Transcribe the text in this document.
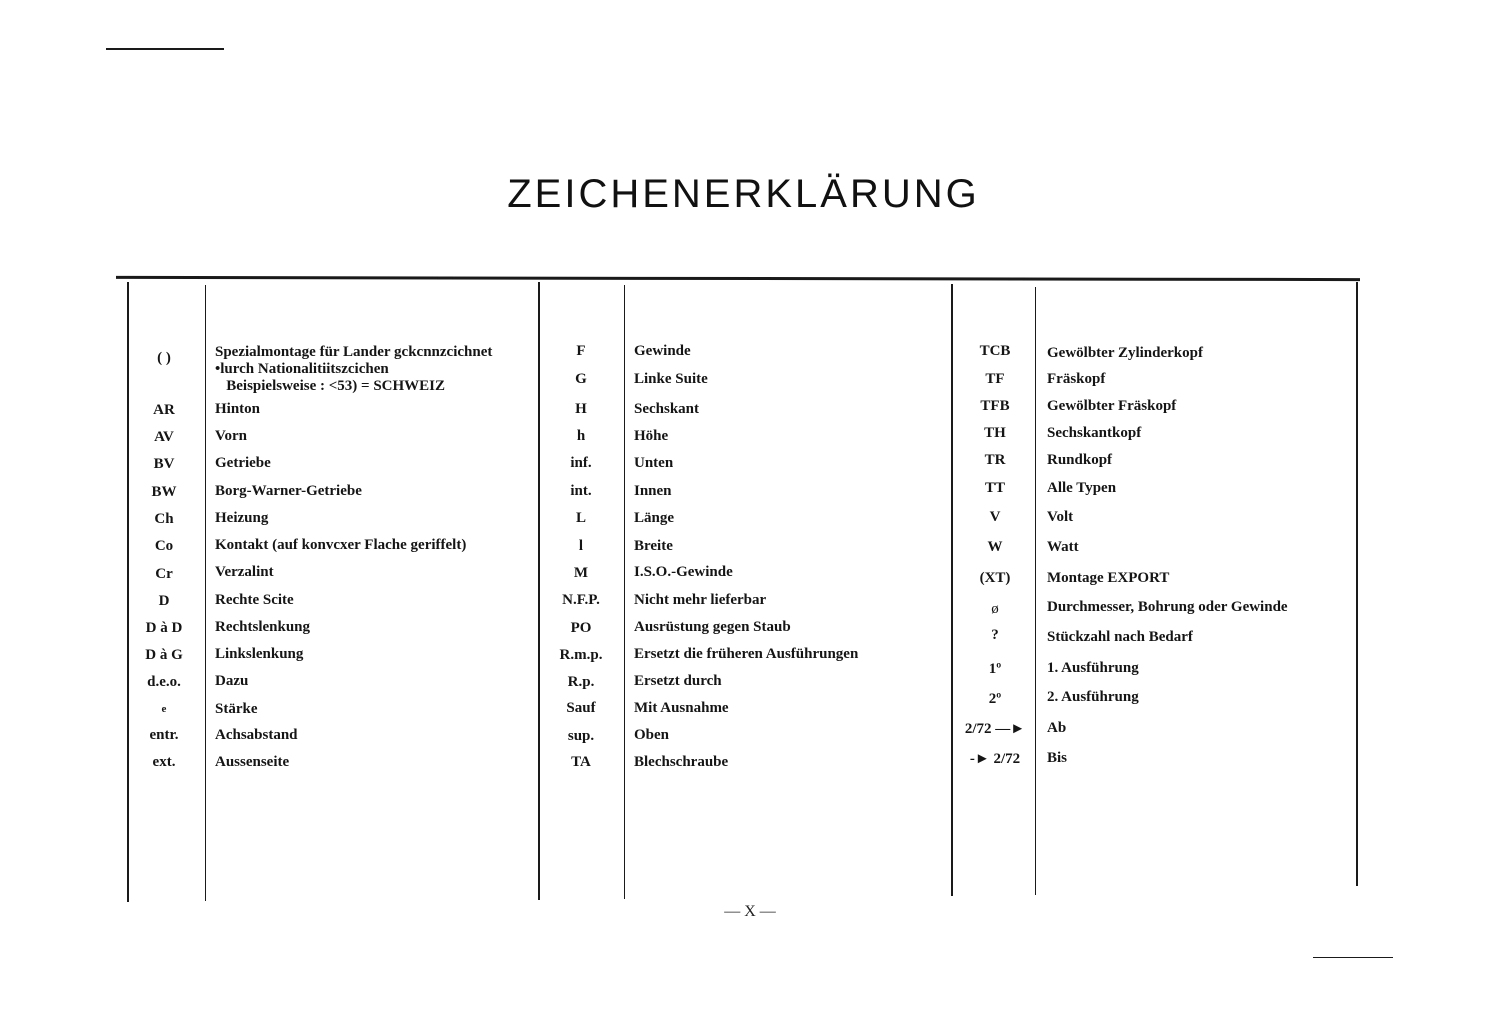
ZEICHENERKLÄRUNG
( )	Spezialmontage für Lander gckcnnzcichnet
•lurch Nationalitiitszcichen
Beispielsweise : <53) = SCHWEIZ
AR	Hinton
AV	Vorn
BV	Getriebe
BW	Borg-Warner-Getriebe
Ch	Heizung
Co	Kontakt (auf konvcxer Flache geriffelt)
Cr	Verzalint
D	Rechte Scite
D à D	Rechtslenkung
D à G	Linkslenkung
d.e.o.	Dazu
e	Stärke
entr.	Achsabstand
ext.	Aussenseite
F	Gewinde
G	Linke Suite
H	Sechskant
h	Höhe
inf.	Unten
int.	Innen
L	Länge
l	Breite
M	I.S.O.-Gewinde
N.F.P.	Nicht mehr lieferbar
PO	Ausrüstung gegen Staub
R.m.p.	Ersetzt die früheren Ausführungen
R.p.	Ersetzt durch
Sauf	Mit Ausnahme
sup.	Oben
TA	Blechschraube
TCB	Gewölbter Zylinderkopf
TF	Fräskopf
TFB	Gewölbter Fräskopf
TH	Sechskantkopf
TR	Rundkopf
TT	Alle Typen
V	Volt
W	Watt
(XT)	Montage EXPORT
ø	Durchmesser, Bohrung oder Gewinde
?	Stückzahl nach Bedarf
1º	1. Ausführung
2º	2. Ausführung
2/72 —►	Ab
-► 2/72	Bis
— X —
